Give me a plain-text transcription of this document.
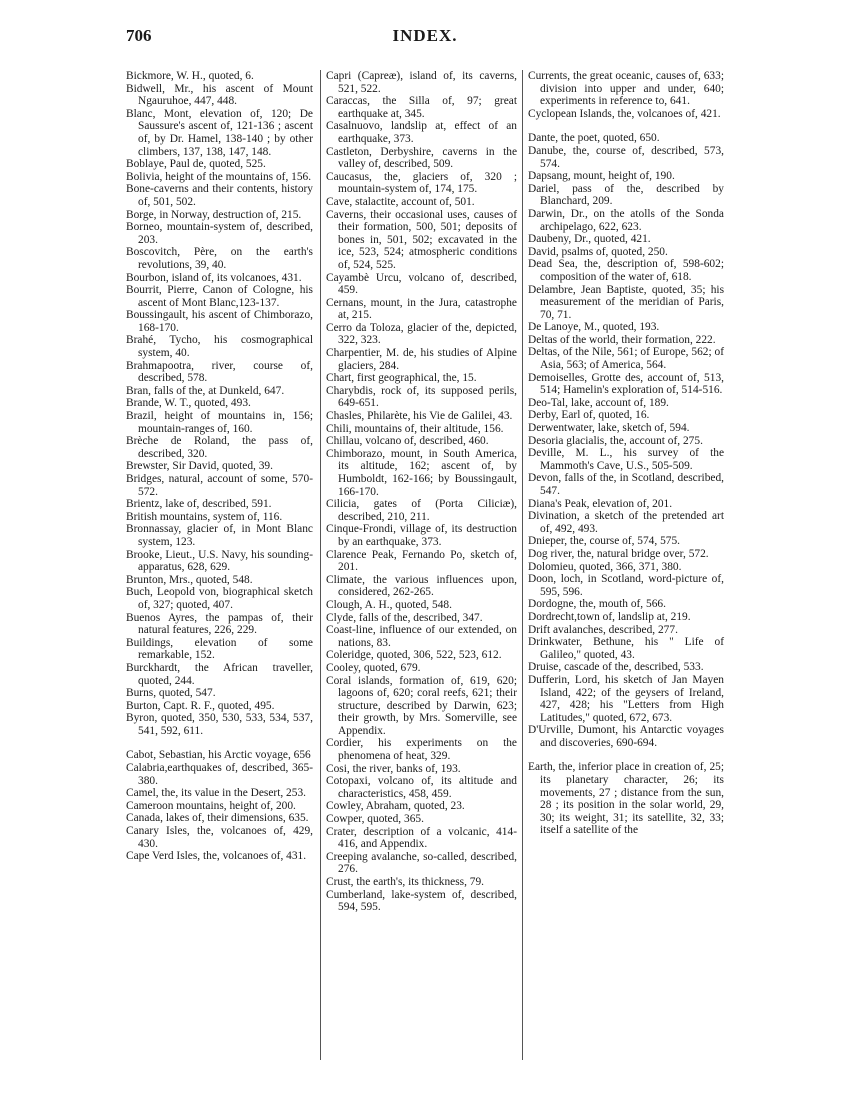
706	INDEX.

Bickmore, W. H., quoted, 6.

Bidwell, Mr., his ascent of Mount Ngauruhoe, 447, 448.

Blanc, Mont, elevation of, 120; De Saussure's ascent of, 121-136 ; ascent of, by Dr. Hamel, 138-140 ; by other climbers, 137, 138, 147, 148.

Boblaye, Paul de, quoted, 525.

Bolivia, height of the mountains of, 156.

Bone-caverns and their contents, history of, 501, 502.

Borge, in Norway, destruction of, 215.

Borneo, mountain-system of, described, 203.

Boscovitch, Père, on the earth's revolutions, 39, 40.

Bourbon, island of, its volcanoes, 431.

Bourrit, Pierre, Canon of Cologne, his ascent of Mont Blanc,123-137.

Boussingault, his ascent of Chimborazo, 168-170.

Brahé, Tycho, his cosmographical system, 40.

Brahmapootra, river, course of, described, 578.

Bran, falls of the, at Dunkeld, 647.

Brande, W. T., quoted, 493.

Brazil, height of mountains in, 156; mountain-ranges of, 160.

Brèche de Roland, the pass of, described, 320.

Brewster, Sir David, quoted, 39.

Bridges, natural, account of some, 570-572.

Brientz, lake of, described, 591.

British mountains, system of, 116.

Bronnassay, glacier of, in Mont Blanc system, 123.

Brooke, Lieut., U.S. Navy, his sounding-apparatus, 628, 629.

Brunton, Mrs., quoted, 548.

Buch, Leopold von, biographical sketch of, 327; quoted, 407.

Buenos Ayres, the pampas of, their natural features, 226, 229.

Buildings, elevation of some remarkable, 152.

Burckhardt, the African traveller, quoted, 244.

Burns, quoted, 547.

Burton, Capt. R. F., quoted, 495.

Byron, quoted, 350, 530, 533, 534, 537, 541, 592, 611.

Cabot, Sebastian, his Arctic voyage, 656

Calabria,earthquakes of, described, 365-380.

Camel, the, its value in the Desert, 253.

Cameroon mountains, height of, 200.

Canada, lakes of, their dimensions, 635.

Canary Isles, the, volcanoes of, 429, 430.

Cape Verd Isles, the, volcanoes of, 431.

Capri (Capreæ), island of, its caverns, 521, 522.

Caraccas, the Silla of, 97; great earthquake at, 345.

Casalnuovo, landslip at, effect of an earthquake, 373.

Castleton, Derbyshire, caverns in the valley of, described, 509.

Caucasus, the, glaciers of, 320 ; mountain-system of, 174, 175.

Cave, stalactite, account of, 501.

Caverns, their occasional uses, causes of their formation, 500, 501; deposits of bones in, 501, 502; excavated in the ice, 523, 524; atmospheric conditions of, 524, 525.

Cayambè Urcu, volcano of, described, 459.

Cernans, mount, in the Jura, catastrophe at, 215.

Cerro da Toloza, glacier of the, depicted, 322, 323.

Charpentier, M. de, his studies of Alpine glaciers, 284.

Chart, first geographical, the, 15.

Charybdis, rock of, its supposed perils, 649-651.

Chasles, Philarète, his Vie de Galilei, 43.

Chili, mountains of, their altitude, 156.

Chillau, volcano of, described, 460.

Chimborazo, mount, in South America, its altitude, 162; ascent of, by Humboldt, 162-166; by Boussingault, 166-170.

Cilicia, gates of (Porta Ciliciæ), described, 210, 211.

Cinque-Frondi, village of, its destruction by an earthquake, 373.

Clarence Peak, Fernando Po, sketch of, 201.

Climate, the various influences upon, considered, 262-265.

Clough, A. H., quoted, 548.

Clyde, falls of the, described, 347.

Coast-line, influence of our extended, on nations, 83.

Coleridge, quoted, 306, 522, 523, 612.

Cooley, quoted, 679.

Coral islands, formation of, 619, 620; lagoons of, 620; coral reefs, 621; their structure, described by Darwin, 623; their growth, by Mrs. Somerville, see Appendix.

Cordier, his experiments on the phenomena of heat, 329.

Cosi, the river, banks of, 193.

Cotopaxi, volcano of, its altitude and characteristics, 458, 459.

Cowley, Abraham, quoted, 23.

Cowper, quoted, 365.

Crater, description of a volcanic, 414-416, and Appendix.

Creeping avalanche, so-called, described, 276.

Crust, the earth's, its thickness, 79.

Cumberland, lake-system of, described, 594, 595.

Currents, the great oceanic, causes of, 633; division into upper and under, 640; experiments in reference to, 641.

Cyclopean Islands, the, volcanoes of, 421.

Dante, the poet, quoted, 650.

Danube, the, course of, described, 573, 574.

Dapsang, mount, height of, 190.

Dariel, pass of the, described by Blanchard, 209.

Darwin, Dr., on the atolls of the Sonda archipelago, 622, 623.

Daubeny, Dr., quoted, 421.

David, psalms of, quoted, 250.

Dead Sea, the, description of, 598-602; composition of the water of, 618.

Delambre, Jean Baptiste, quoted, 35; his measurement of the meridian of Paris, 70, 71.

De Lanoye, M., quoted, 193.

Deltas of the world, their formation, 222.

Deltas, of the Nile, 561; of Europe, 562; of Asia, 563; of America, 564.

Demoiselles, Grotte des, account of, 513, 514; Hamelin's exploration of, 514-516.

Deo-Tal, lake, account of, 189.

Derby, Earl of, quoted, 16.

Derwentwater, lake, sketch of, 594.

Desoria glacialis, the, account of, 275.

Deville, M. L., his survey of the Mammoth's Cave, U.S., 505-509.

Devon, falls of the, in Scotland, described, 547.

Diana's Peak, elevation of, 201.

Divination, a sketch of the pretended art of, 492, 493.

Dnieper, the, course of, 574, 575.

Dog river, the, natural bridge over, 572.

Dolomieu, quoted, 366, 371, 380.

Doon, loch, in Scotland, word-picture of, 595, 596.

Dordogne, the, mouth of, 566.

Dordrecht,town of, landslip at, 219.

Drift avalanches, described, 277.

Drinkwater, Bethune, his " Life of Galileo," quoted, 43.

Druise, cascade of the, described, 533.

Dufferin, Lord, his sketch of Jan Mayen Island, 422; of the geysers of Ireland, 427, 428; his "Letters from High Latitudes," quoted, 672, 673.

D'Urville, Dumont, his Antarctic voyages and discoveries, 690-694.

Earth, the, inferior place in creation of, 25; its planetary character, 26; its movements, 27 ; distance from the sun, 28 ; its position in the solar world, 29, 30; its weight, 31; its satellite, 32, 33; itself a satellite of the
